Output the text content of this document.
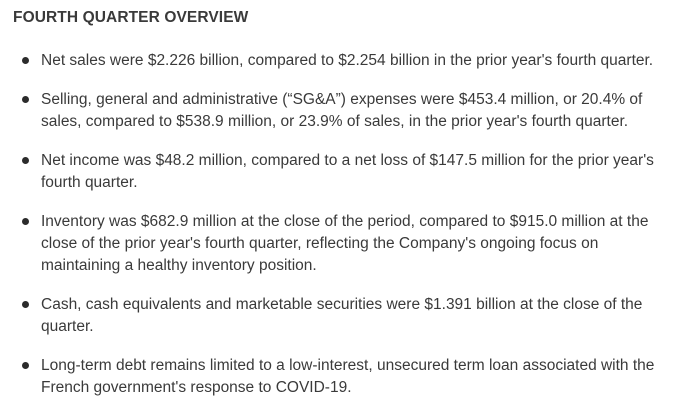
FOURTH QUARTER OVERVIEW
Net sales were $2.226 billion, compared to $2.254 billion in the prior year's fourth quarter.
Selling, general and administrative (“SG&A”) expenses were $453.4 million, or 20.4% of sales, compared to $538.9 million, or 23.9% of sales, in the prior year's fourth quarter.
Net income was $48.2 million, compared to a net loss of $147.5 million for the prior year's fourth quarter.
Inventory was $682.9 million at the close of the period, compared to $915.0 million at the close of the prior year's fourth quarter, reflecting the Company's ongoing focus on maintaining a healthy inventory position.
Cash, cash equivalents and marketable securities were $1.391 billion at the close of the quarter.
Long-term debt remains limited to a low-interest, unsecured term loan associated with the French government's response to COVID-19.
